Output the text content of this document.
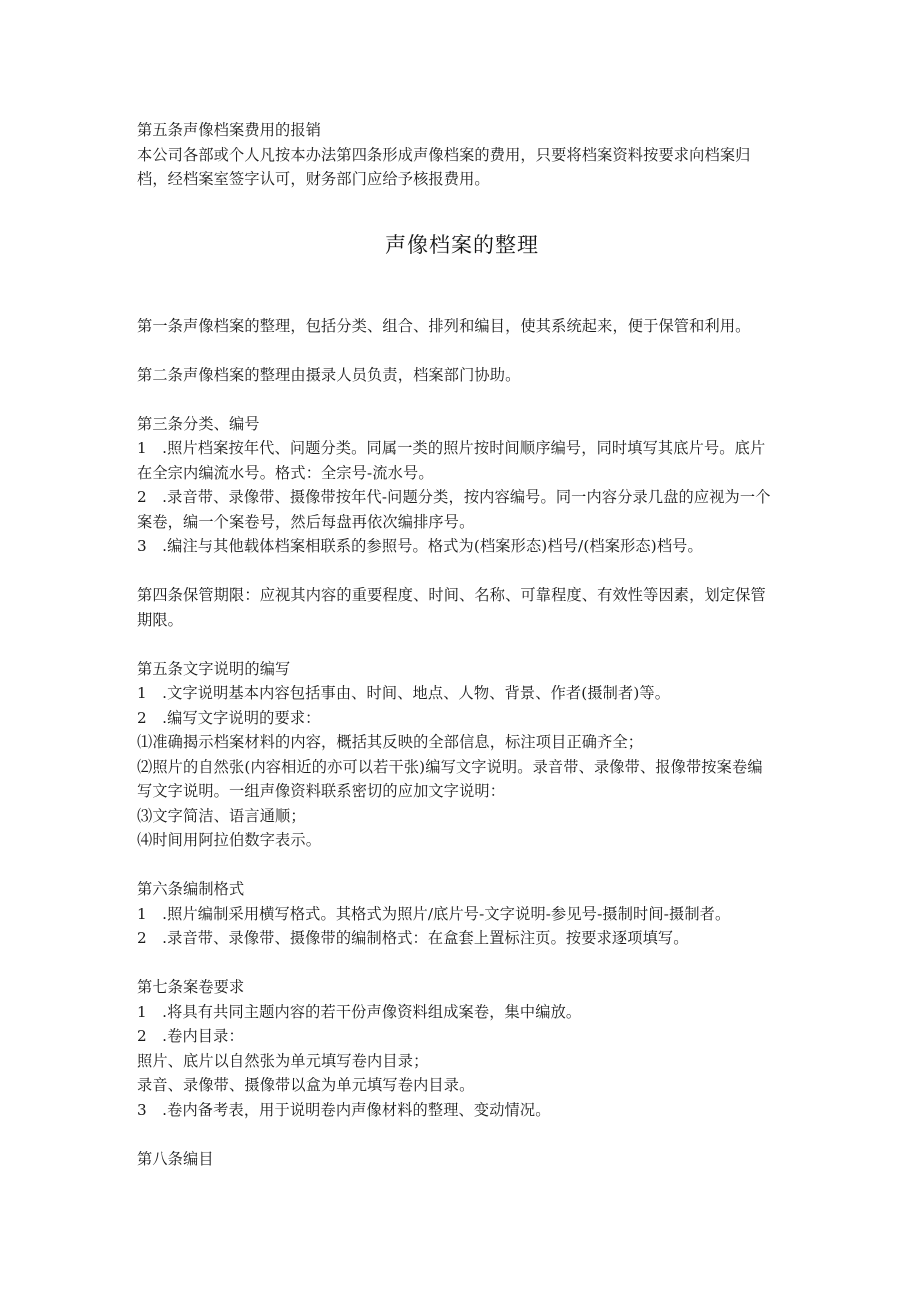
第五条声像档案费用的报销
本公司各部或个人凡按本办法第四条形成声像档案的费用，只要将档案资料按要求向档案归
档，经档案室签字认可，财务部门应给予核报费用。
声像档案的整理
第一条声像档案的整理，包括分类、组合、排列和编目，使其系统起来，便于保管和利用。
第二条声像档案的整理由摄录人员负责，档案部门协助。
第三条分类、编号
1　.照片档案按年代、问题分类。同属一类的照片按时间顺序编号，同时填写其底片号。底片
在全宗内编流水号。格式：全宗号-流水号。
2　.录音带、录像带、摄像带按年代-问题分类，按内容编号。同一内容分录几盘的应视为一个
案卷，编一个案卷号，然后每盘再依次编排序号。
3　.编注与其他载体档案相联系的参照号。格式为(档案形态)档号/(档案形态)档号。
第四条保管期限：应视其内容的重要程度、时间、名称、可靠程度、有效性等因素，划定保管
期限。
第五条文字说明的编写
1　.文字说明基本内容包括事由、时间、地点、人物、背景、作者(摄制者)等。
2　.编写文字说明的要求：
⑴准确揭示档案材料的内容，概括其反映的全部信息，标注项目正确齐全；
⑵照片的自然张(内容相近的亦可以若干张)编写文字说明。录音带、录像带、报像带按案卷编
写文字说明。一组声像资料联系密切的应加文字说明：
⑶文字简洁、语言通顺；
⑷时间用阿拉伯数字表示。
第六条编制格式
1　.照片编制采用横写格式。其格式为照片/底片号-文字说明-参见号-摄制时间-摄制者。
2　.录音带、录像带、摄像带的编制格式：在盒套上置标注页。按要求逐项填写。
第七条案卷要求
1　.将具有共同主题内容的若干份声像资料组成案卷，集中编放。
2　.卷内目录：
照片、底片以自然张为单元填写卷内目录；
录音、录像带、摄像带以盒为单元填写卷内目录。
3　.卷内备考表，用于说明卷内声像材料的整理、变动情况。
第八条编目
